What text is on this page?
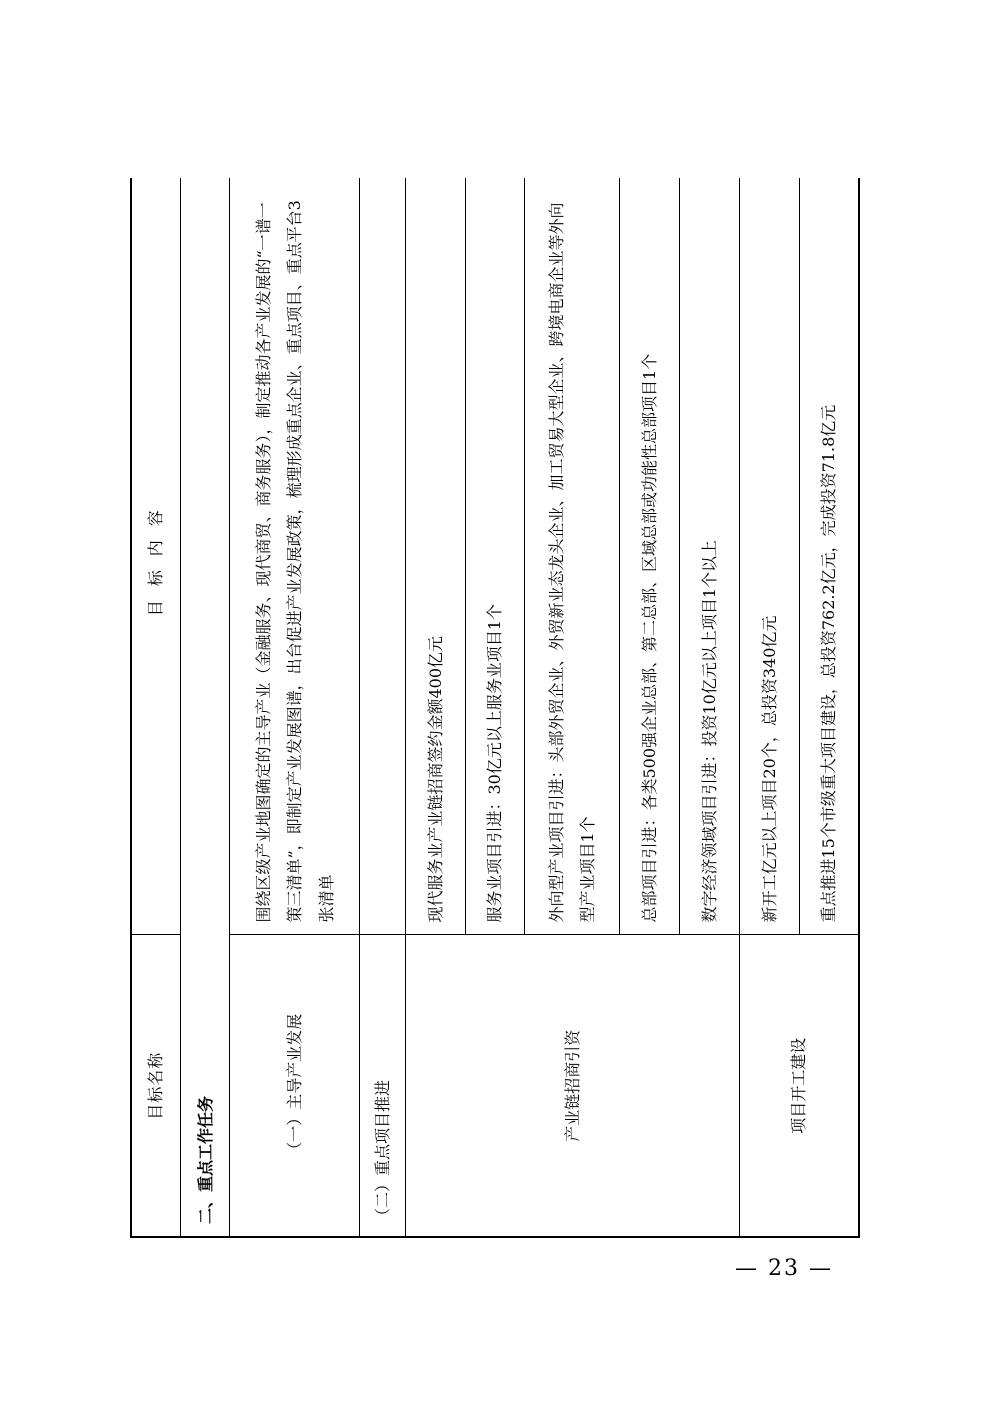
目标名称	目标内容
二、重点工作任务	
（一）主导产业发展	围绕区级产业地图确定的主导产业（金融服务、现代商贸、商务服务），制定推动各产业发展的“一谱一策三清单”，即制定产业发展图谱，出台促进产业发展政策，梳理形成重点企业、重点项目、重点平台3张清单
（二）重点项目推进	
产业链招商引资	现代服务业产业链招商签约金额400亿元
	服务业项目引进：30亿元以上服务业项目1个
	外向型产业项目引进：头部外贸企业、外贸新业态龙头企业、加工贸易大型企业、跨境电商企业等外向型产业项目1个
	总部项目引进：各类500强企业总部、第二总部、区域总部或功能性总部项目1个
	数字经济领域项目引进：投资10亿元以上项目1个以上
项目开工建设	新开工亿元以上项目20个，总投资340亿元
	重点推进15个市级重大项目建设，总投资762.2亿元，完成投资71.8亿元
— 23 —
